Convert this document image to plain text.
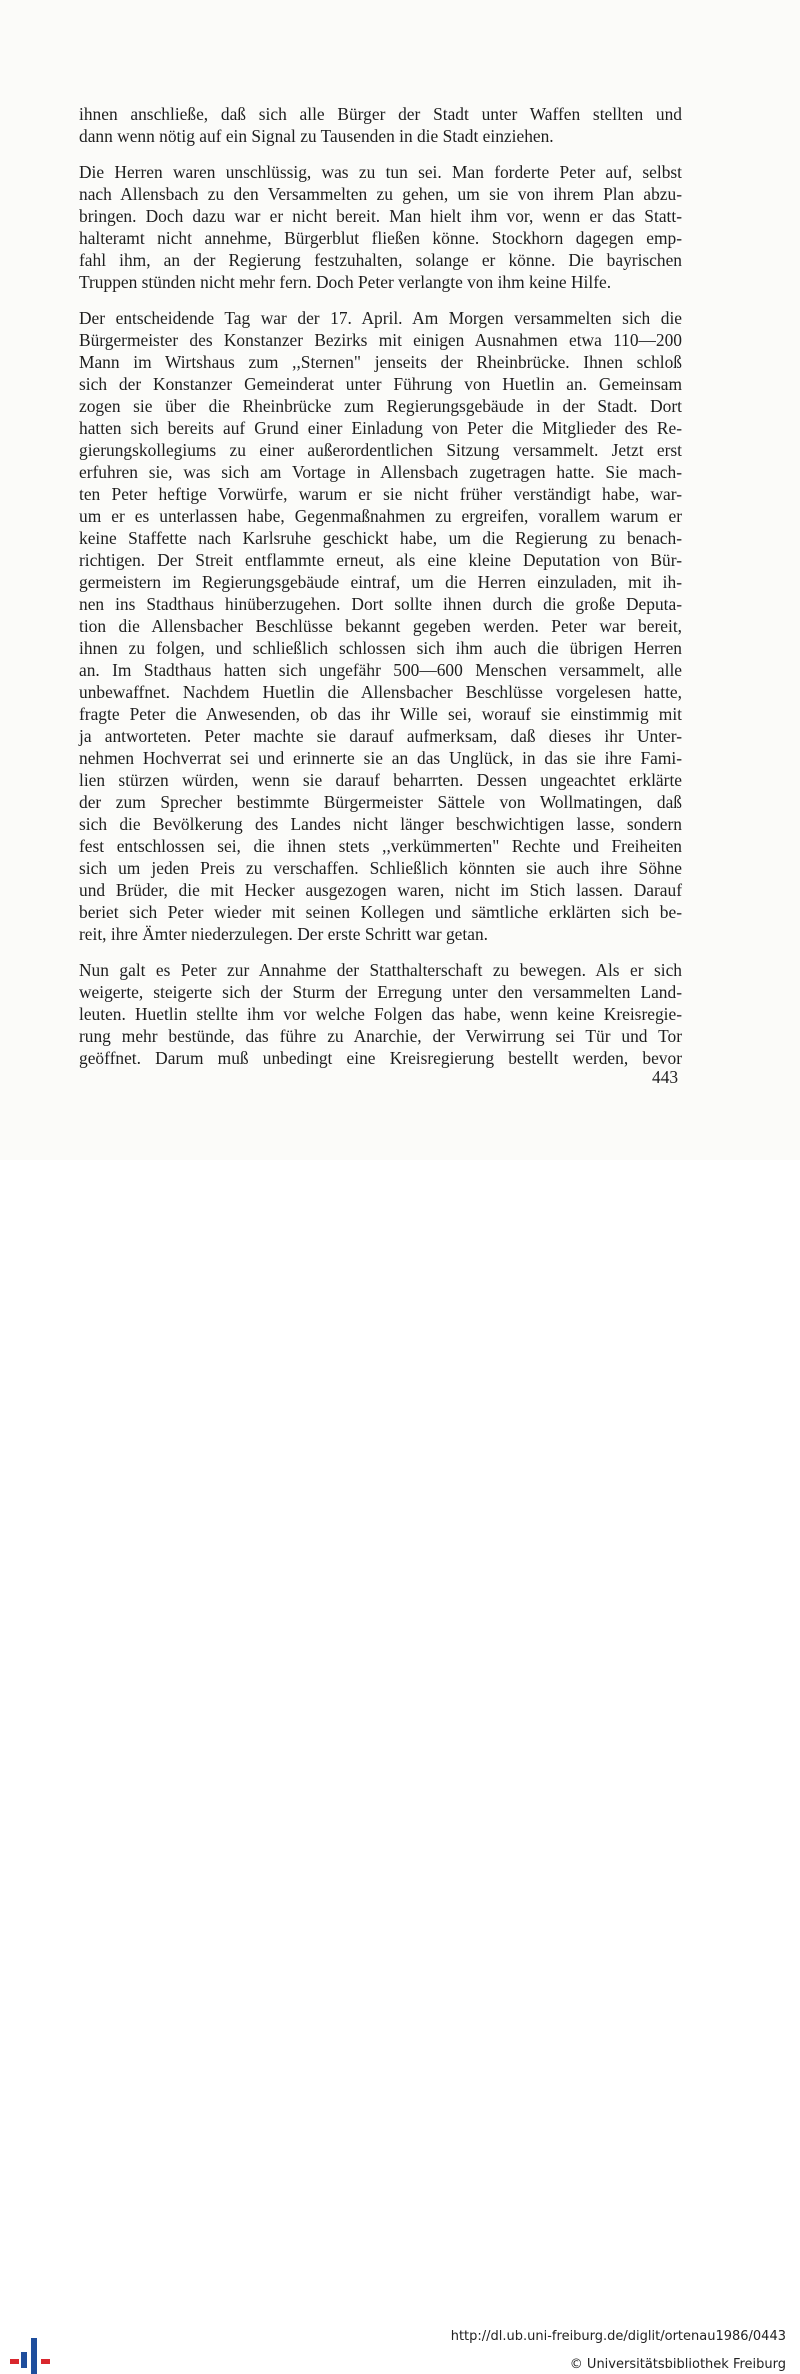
ihnen anschließe, daß sich alle Bürger der Stadt unter Waffen stellten und
dann wenn nötig auf ein Signal zu Tausenden in die Stadt einziehen.
Die Herren waren unschlüssig, was zu tun sei. Man forderte Peter auf, selbst
nach Allensbach zu den Versammelten zu gehen, um sie von ihrem Plan abzu-
bringen. Doch dazu war er nicht bereit. Man hielt ihm vor, wenn er das Statt-
halteramt nicht annehme, Bürgerblut fließen könne. Stockhorn dagegen emp-
fahl ihm, an der Regierung festzuhalten, solange er könne. Die bayrischen
Truppen stünden nicht mehr fern. Doch Peter verlangte von ihm keine Hilfe.
Der entscheidende Tag war der 17. April. Am Morgen versammelten sich die
Bürgermeister des Konstanzer Bezirks mit einigen Ausnahmen etwa 110—200
Mann im Wirtshaus zum ,,Sternen" jenseits der Rheinbrücke. Ihnen schloß
sich der Konstanzer Gemeinderat unter Führung von Huetlin an. Gemeinsam
zogen sie über die Rheinbrücke zum Regierungsgebäude in der Stadt. Dort
hatten sich bereits auf Grund einer Einladung von Peter die Mitglieder des Re-
gierungskollegiums zu einer außerordentlichen Sitzung versammelt. Jetzt erst
erfuhren sie, was sich am Vortage in Allensbach zugetragen hatte. Sie mach-
ten Peter heftige Vorwürfe, warum er sie nicht früher verständigt habe, war-
um er es unterlassen habe, Gegenmaßnahmen zu ergreifen, vorallem warum er
keine Staffette nach Karlsruhe geschickt habe, um die Regierung zu benach-
richtigen. Der Streit entflammte erneut, als eine kleine Deputation von Bür-
germeistern im Regierungsgebäude eintraf, um die Herren einzuladen, mit ih-
nen ins Stadthaus hinüberzugehen. Dort sollte ihnen durch die große Deputa-
tion die Allensbacher Beschlüsse bekannt gegeben werden. Peter war bereit,
ihnen zu folgen, und schließlich schlossen sich ihm auch die übrigen Herren
an. Im Stadthaus hatten sich ungefähr 500—600 Menschen versammelt, alle
unbewaffnet. Nachdem Huetlin die Allensbacher Beschlüsse vorgelesen hatte,
fragte Peter die Anwesenden, ob das ihr Wille sei, worauf sie einstimmig mit
ja antworteten. Peter machte sie darauf aufmerksam, daß dieses ihr Unter-
nehmen Hochverrat sei und erinnerte sie an das Unglück, in das sie ihre Fami-
lien stürzen würden, wenn sie darauf beharrten. Dessen ungeachtet erklärte
der zum Sprecher bestimmte Bürgermeister Sättele von Wollmatingen, daß
sich die Bevölkerung des Landes nicht länger beschwichtigen lasse, sondern
fest entschlossen sei, die ihnen stets ,,verkümmerten" Rechte und Freiheiten
sich um jeden Preis zu verschaffen. Schließlich könnten sie auch ihre Söhne
und Brüder, die mit Hecker ausgezogen waren, nicht im Stich lassen. Darauf
beriet sich Peter wieder mit seinen Kollegen und sämtliche erklärten sich be-
reit, ihre Ämter niederzulegen. Der erste Schritt war getan.
Nun galt es Peter zur Annahme der Statthalterschaft zu bewegen. Als er sich
weigerte, steigerte sich der Sturm der Erregung unter den versammelten Land-
leuten. Huetlin stellte ihm vor welche Folgen das habe, wenn keine Kreisregie-
rung mehr bestünde, das führe zu Anarchie, der Verwirrung sei Tür und Tor
geöffnet. Darum muß unbedingt eine Kreisregierung bestellt werden, bevor
443
http://dl.ub.uni-freiburg.de/diglit/ortenau1986/0443
© Universitätsbibliothek Freiburg
